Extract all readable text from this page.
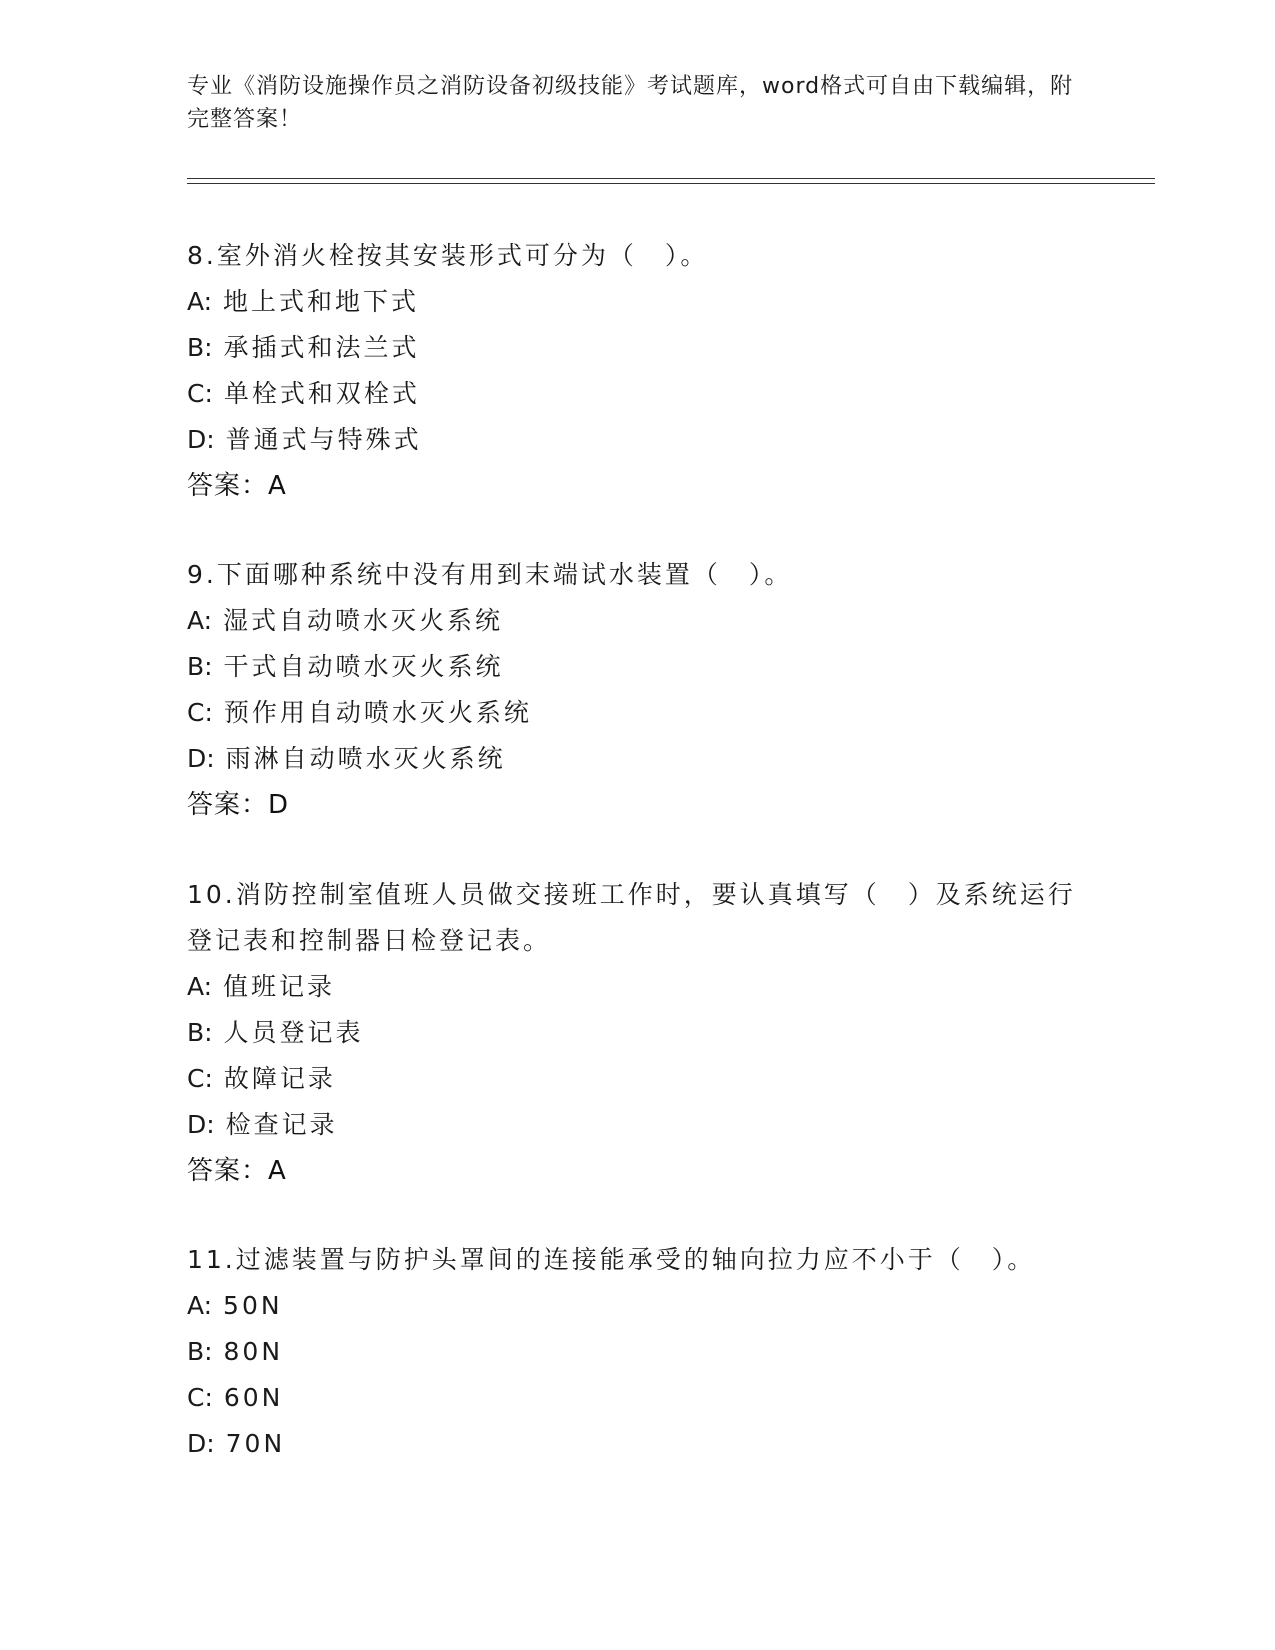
专业《消防设施操作员之消防设备初级技能》考试题库，word格式可自由下载编辑，附完整答案！

8.室外消火栓按其安装形式可分为（　）。

A: 地上式和地下式

B: 承插式和法兰式

C: 单栓式和双栓式

D: 普通式与特殊式

答案：A

9.下面哪种系统中没有用到末端试水装置（　）。

A: 湿式自动喷水灭火系统

B: 干式自动喷水灭火系统

C: 预作用自动喷水灭火系统

D: 雨淋自动喷水灭火系统

答案：D

10.消防控制室值班人员做交接班工作时，要认真填写（　）及系统运行登记表和控制器日检登记表。

A: 值班记录

B: 人员登记表

C: 故障记录

D: 检查记录

答案：A

11.过滤装置与防护头罩间的连接能承受的轴向拉力应不小于（　）。

A: 50N

B: 80N

C: 60N

D: 70N
